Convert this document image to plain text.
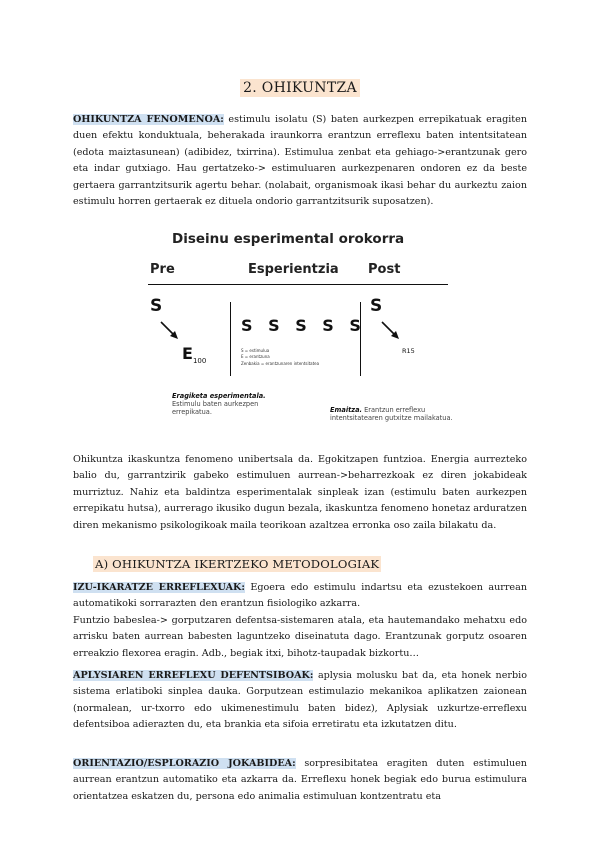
2. OHIKUNTZA
OHIKUNTZA FENOMENOA: estimulu isolatu (S) baten aurkezpen errepikatuak eragiten duen efektu konduktuala, beherakada iraunkorra erantzun erreflexu baten intentsitatean (edota maiztasunean) (adibidez, txirrina). Estimulua zenbat eta gehiago->erantzunak gero eta indar gutxiago. Hau gertatzeko-> estimuluaren aurkezpenaren ondoren ez da beste gertaera garrantzitsurik agertu behar. (nolabait, organismoak ikasi behar du aurkeztu zaion estimulu horren gertaerak ez dituela ondorio garrantzitsurik suposatzen).
Diseinu esperimental orokorra
Pre	Esperientzia Post
S
$E_{100}$
S S S S S
S = estimulua
E = erantzuna
Zenbakia = erantzunaren intentsitatea
S
R15
Eragiketa esperimentala. Estimulu baten aurkezpen errepikatua.	Emaitza. Erantzun erreflexu intentsitatearen gutxitze mailakatua.
Ohikuntza ikaskuntza fenomeno unibertsala da. Egokitzapen funtzioa. Energia aurrezteko balio du, garrantzirik gabeko estimuluen aurrean->beharrezkoak ez diren jokabideak murriztuz. Nahiz eta baldintza esperimentalak sinpleak izan (estimulu baten aurkezpen errepikatu hutsa), aurrerago ikusiko dugun bezala, ikaskuntza fenomeno honetaz arduratzen diren mekanismo psikologikoak maila teorikoan azaltzea erronka oso zaila bilakatu da.
A) OHIKUNTZA IKERTZEKO METODOLOGIAK
IZU-IKARATZE ERREFLEXUAK: Egoera edo estimulu indartsu eta ezustekoen aurrean automatikoki sorrarazten den erantzun fisiologiko azkarra.
Funtzio babeslea-> gorputzaren defentsa-sistemaren atala, eta hautemandako mehatxu edo arrisku baten aurrean babesten laguntzeko diseinatuta dago. Erantzunak gorputz osoaren erreakzio flexorea eragin. Adb., begiak itxi, bihotz-taupadak bizkortu…
APLYSIAREN ERREFLEXU DEFENTSIBOAK: aplysia molusku bat da, eta honek nerbio sistema erlatiboki sinplea dauka. Gorputzean estimulazio mekanikoa aplikatzen zaionean (normalean, ur-txorro edo ukimenestimulu baten bidez), Aplysiak uzkurtze-erreflexu defentsiboa adierazten du, eta brankia eta sifoia erretiratu eta izkutatzen ditu.
ORIENTAZIO/ESPLORAZIO JOKABIDEA: sorpresibitatea eragiten duten estimuluen aurrean erantzun automatiko eta azkarra da. Erreflexu honek begiak edo burua estimulura orientatzea eskatzen du, persona edo animalia estimuluan kontzentratu eta
